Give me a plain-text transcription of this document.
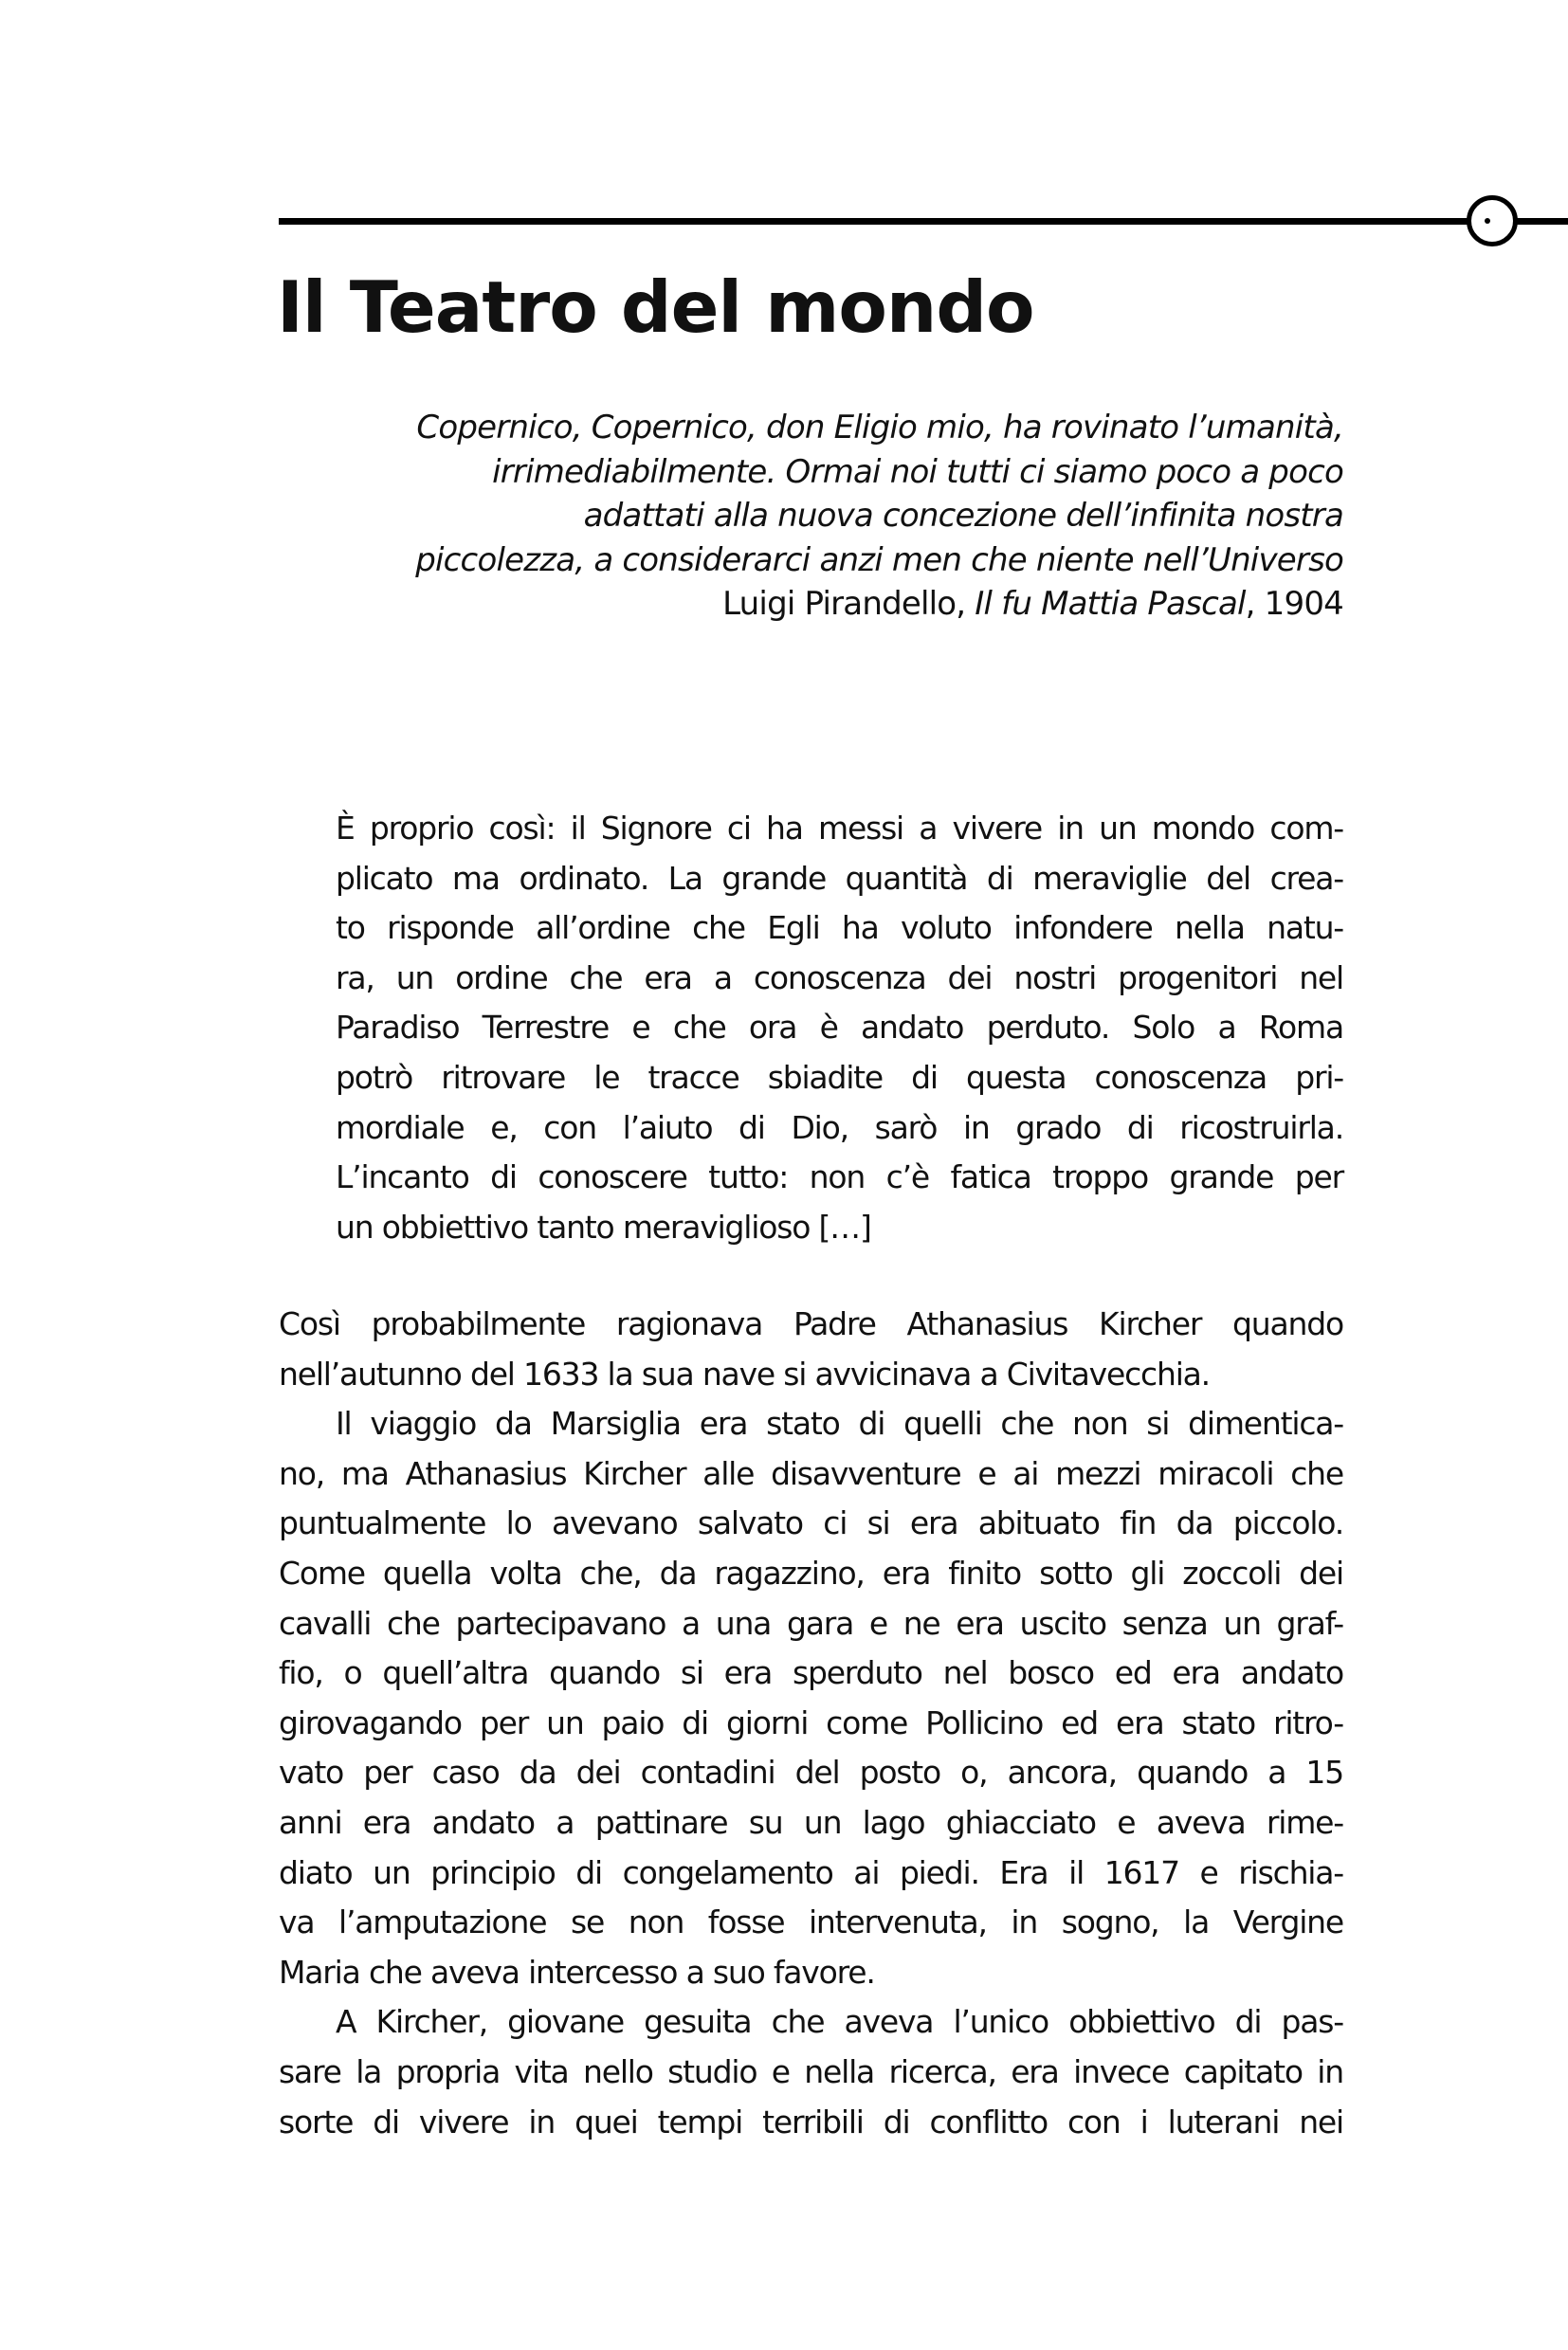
Il Teatro del mondo
Copernico, Copernico, don Eligio mio, ha rovinato l’umanità,
irrimediabilmente. Ormai noi tutti ci siamo poco a poco
adattati alla nuova concezione dell’infinita nostra
piccolezza, a considerarci anzi men che niente nell’Universo
Luigi Pirandello, Il fu Mattia Pascal, 1904
È proprio così: il Signore ci ha messi a vivere in un mondo com-
plicato ma ordinato. La grande quantità di meraviglie del crea-
to risponde all’ordine che Egli ha voluto infondere nella natu-
ra, un ordine che era a conoscenza dei nostri progenitori nel
Paradiso Terrestre e che ora è andato perduto. Solo a Roma
potrò ritrovare le tracce sbiadite di questa conoscenza pri-
mordiale e, con l’aiuto di Dio, sarò in grado di ricostruirla.
L’incanto di conoscere tutto: non c’è fatica troppo grande per
un obbiettivo tanto meraviglioso […]
Così probabilmente ragionava Padre Athanasius Kircher quando
nell’autunno del 1633 la sua nave si avvicinava a Civitavecchia.
Il viaggio da Marsiglia era stato di quelli che non si dimentica-
no, ma Athanasius Kircher alle disavventure e ai mezzi miracoli che
puntualmente lo avevano salvato ci si era abituato fin da piccolo.
Come quella volta che, da ragazzino, era finito sotto gli zoccoli dei
cavalli che partecipavano a una gara e ne era uscito senza un graf-
fio, o quell’altra quando si era sperduto nel bosco ed era andato
girovagando per un paio di giorni come Pollicino ed era stato ritro-
vato per caso da dei contadini del posto o, ancora, quando a 15
anni era andato a pattinare su un lago ghiacciato e aveva rime-
diato un principio di congelamento ai piedi. Era il 1617 e rischia-
va l’amputazione se non fosse intervenuta, in sogno, la Vergine
Maria che aveva intercesso a suo favore.
A Kircher, giovane gesuita che aveva l’unico obbiettivo di pas-
sare la propria vita nello studio e nella ricerca, era invece capitato in
sorte di vivere in quei tempi terribili di conflitto con i luterani nei
